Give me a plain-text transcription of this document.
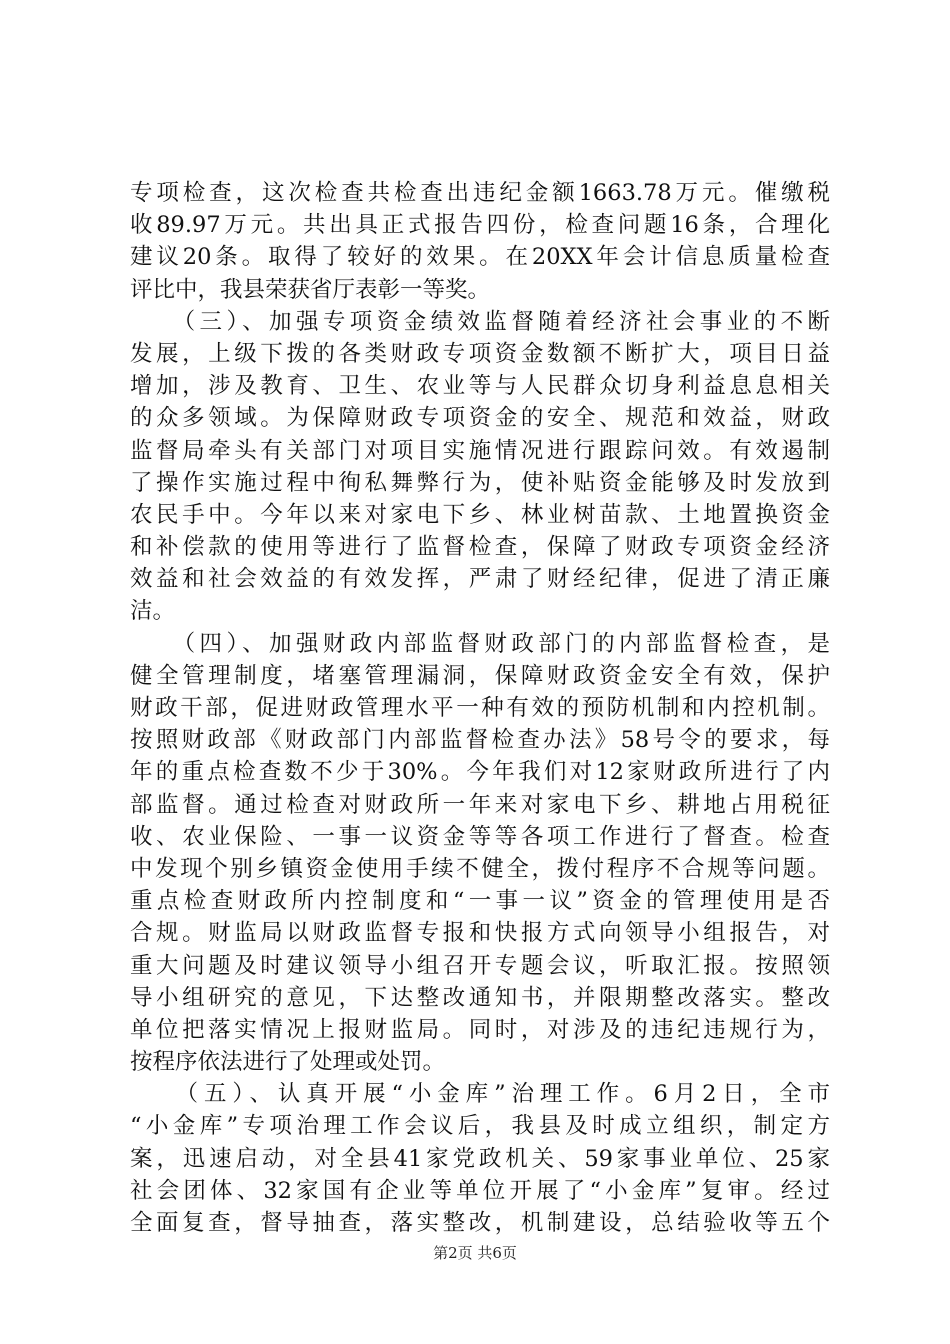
专项检查，这次检查共检查出违纪金额1663.78万元。催缴税
收89.97万元。共出具正式报告四份，检查问题16条，合理化
建议20条。取得了较好的效果。在20XX年会计信息质量检查
评比中，我县荣获省厅表彰一等奖。
　　（三）、加强专项资金绩效监督随着经济社会事业的不断
发展，上级下拨的各类财政专项资金数额不断扩大，项目日益
增加，涉及教育、卫生、农业等与人民群众切身利益息息相关
的众多领域。为保障财政专项资金的安全、规范和效益，财政
监督局牵头有关部门对项目实施情况进行跟踪问效。有效遏制
了操作实施过程中徇私舞弊行为，使补贴资金能够及时发放到
农民手中。今年以来对家电下乡、林业树苗款、土地置换资金
和补偿款的使用等进行了监督检查，保障了财政专项资金经济
效益和社会效益的有效发挥，严肃了财经纪律，促进了清正廉
洁。
　　（四）、加强财政内部监督财政部门的内部监督检查，是
健全管理制度，堵塞管理漏洞，保障财政资金安全有效，保护
财政干部，促进财政管理水平一种有效的预防机制和内控机制。
按照财政部《财政部门内部监督检查办法》58号令的要求，每
年的重点检查数不少于30%。今年我们对12家财政所进行了内
部监督。通过检查对财政所一年来对家电下乡、耕地占用税征
收、农业保险、一事一议资金等等各项工作进行了督查。检查
中发现个别乡镇资金使用手续不健全，拨付程序不合规等问题。
重点检查财政所内控制度和“一事一议”资金的管理使用是否
合规。财监局以财政监督专报和快报方式向领导小组报告，对
重大问题及时建议领导小组召开专题会议，听取汇报。按照领
导小组研究的意见，下达整改通知书，并限期整改落实。整改
单位把落实情况上报财监局。同时，对涉及的违纪违规行为，
按程序依法进行了处理或处罚。
　　（五）、认真开展“小金库”治理工作。6月2日，全市
“小金库”专项治理工作会议后，我县及时成立组织，制定方
案，迅速启动，对全县41家党政机关、59家事业单位、25家
社会团体、32家国有企业等单位开展了“小金库”复审。经过
全面复查，督导抽查，落实整改，机制建设，总结验收等五个
第2页 共6页
